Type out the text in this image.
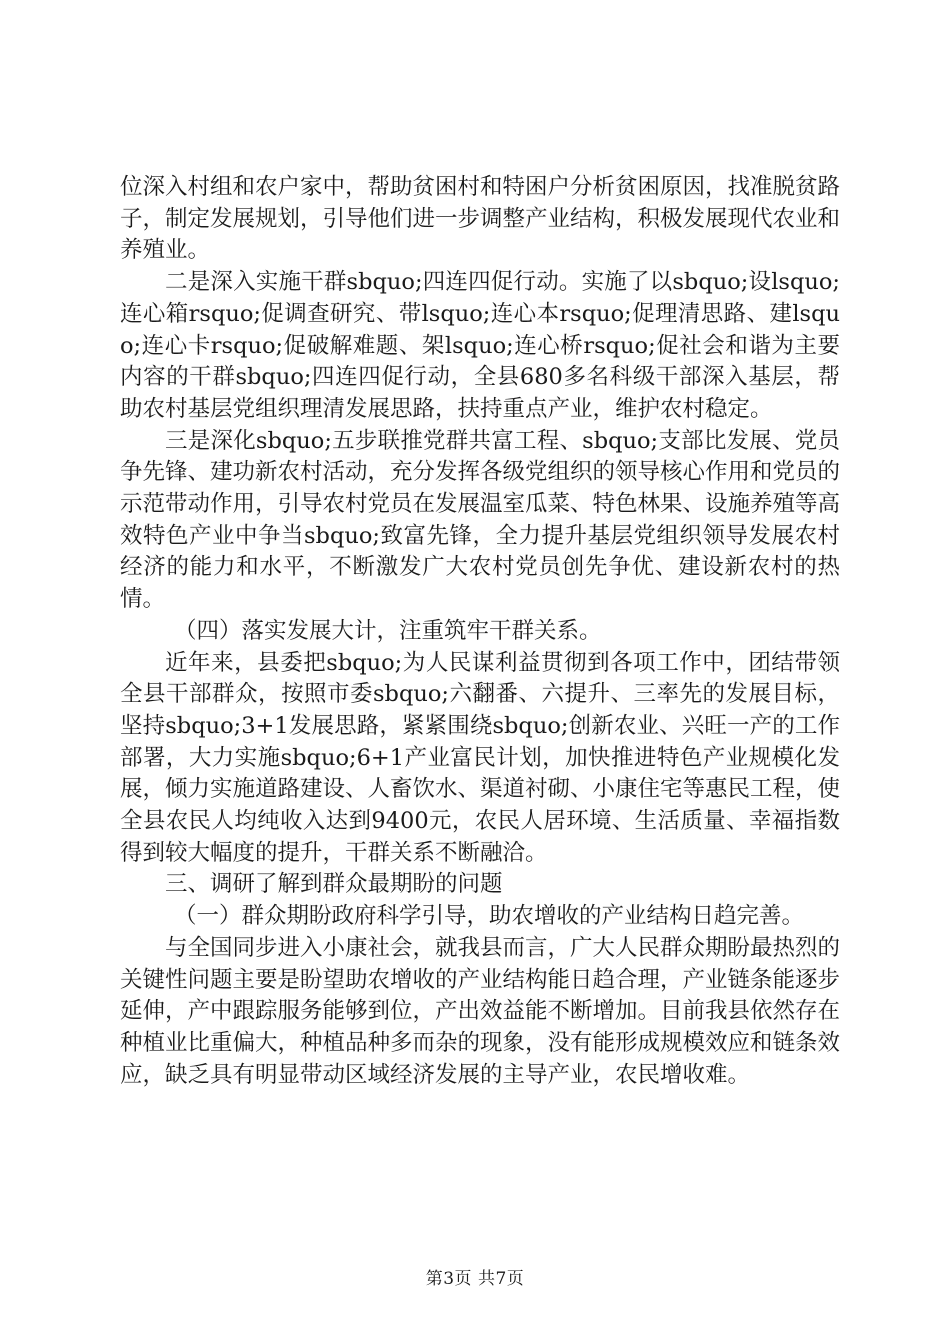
位深入村组和农户家中，帮助贫困村和特困户分析贫困原因，找准脱贫路子，制定发展规划，引导他们进一步调整产业结构，积极发展现代农业和养殖业。

二是深入实施干群sbquo;四连四促行动。实施了以sbquo;设lsquo;连心箱rsquo;促调查研究、带lsquo;连心本rsquo;促理清思路、建lsquo;连心卡rsquo;促破解难题、架lsquo;连心桥rsquo;促社会和谐为主要内容的干群sbquo;四连四促行动，全县680多名科级干部深入基层，帮助农村基层党组织理清发展思路，扶持重点产业，维护农村稳定。

三是深化sbquo;五步联推党群共富工程、sbquo;支部比发展、党员争先锋、建功新农村活动，充分发挥各级党组织的领导核心作用和党员的示范带动作用，引导农村党员在发展温室瓜菜、特色林果、设施养殖等高效特色产业中争当sbquo;致富先锋，全力提升基层党组织领导发展农村经济的能力和水平，不断激发广大农村党员创先争优、建设新农村的热情。

（四）落实发展大计，注重筑牢干群关系。

近年来，县委把sbquo;为人民谋利益贯彻到各项工作中，团结带领全县干部群众，按照市委sbquo;六翻番、六提升、三率先的发展目标，坚持sbquo;3+1发展思路，紧紧围绕sbquo;创新农业、兴旺一产的工作部署，大力实施sbquo;6+1产业富民计划，加快推进特色产业规模化发展，倾力实施道路建设、人畜饮水、渠道衬砌、小康住宅等惠民工程，使全县农民人均纯收入达到9400元，农民人居环境、生活质量、幸福指数得到较大幅度的提升，干群关系不断融洽。

三、调研了解到群众最期盼的问题

（一）群众期盼政府科学引导，助农增收的产业结构日趋完善。

与全国同步进入小康社会，就我县而言，广大人民群众期盼最热烈的关键性问题主要是盼望助农增收的产业结构能日趋合理，产业链条能逐步延伸，产中跟踪服务能够到位，产出效益能不断增加。目前我县依然存在种植业比重偏大，种植品种多而杂的现象，没有能形成规模效应和链条效应，缺乏具有明显带动区域经济发展的主导产业，农民增收难。

第3页 共7页
